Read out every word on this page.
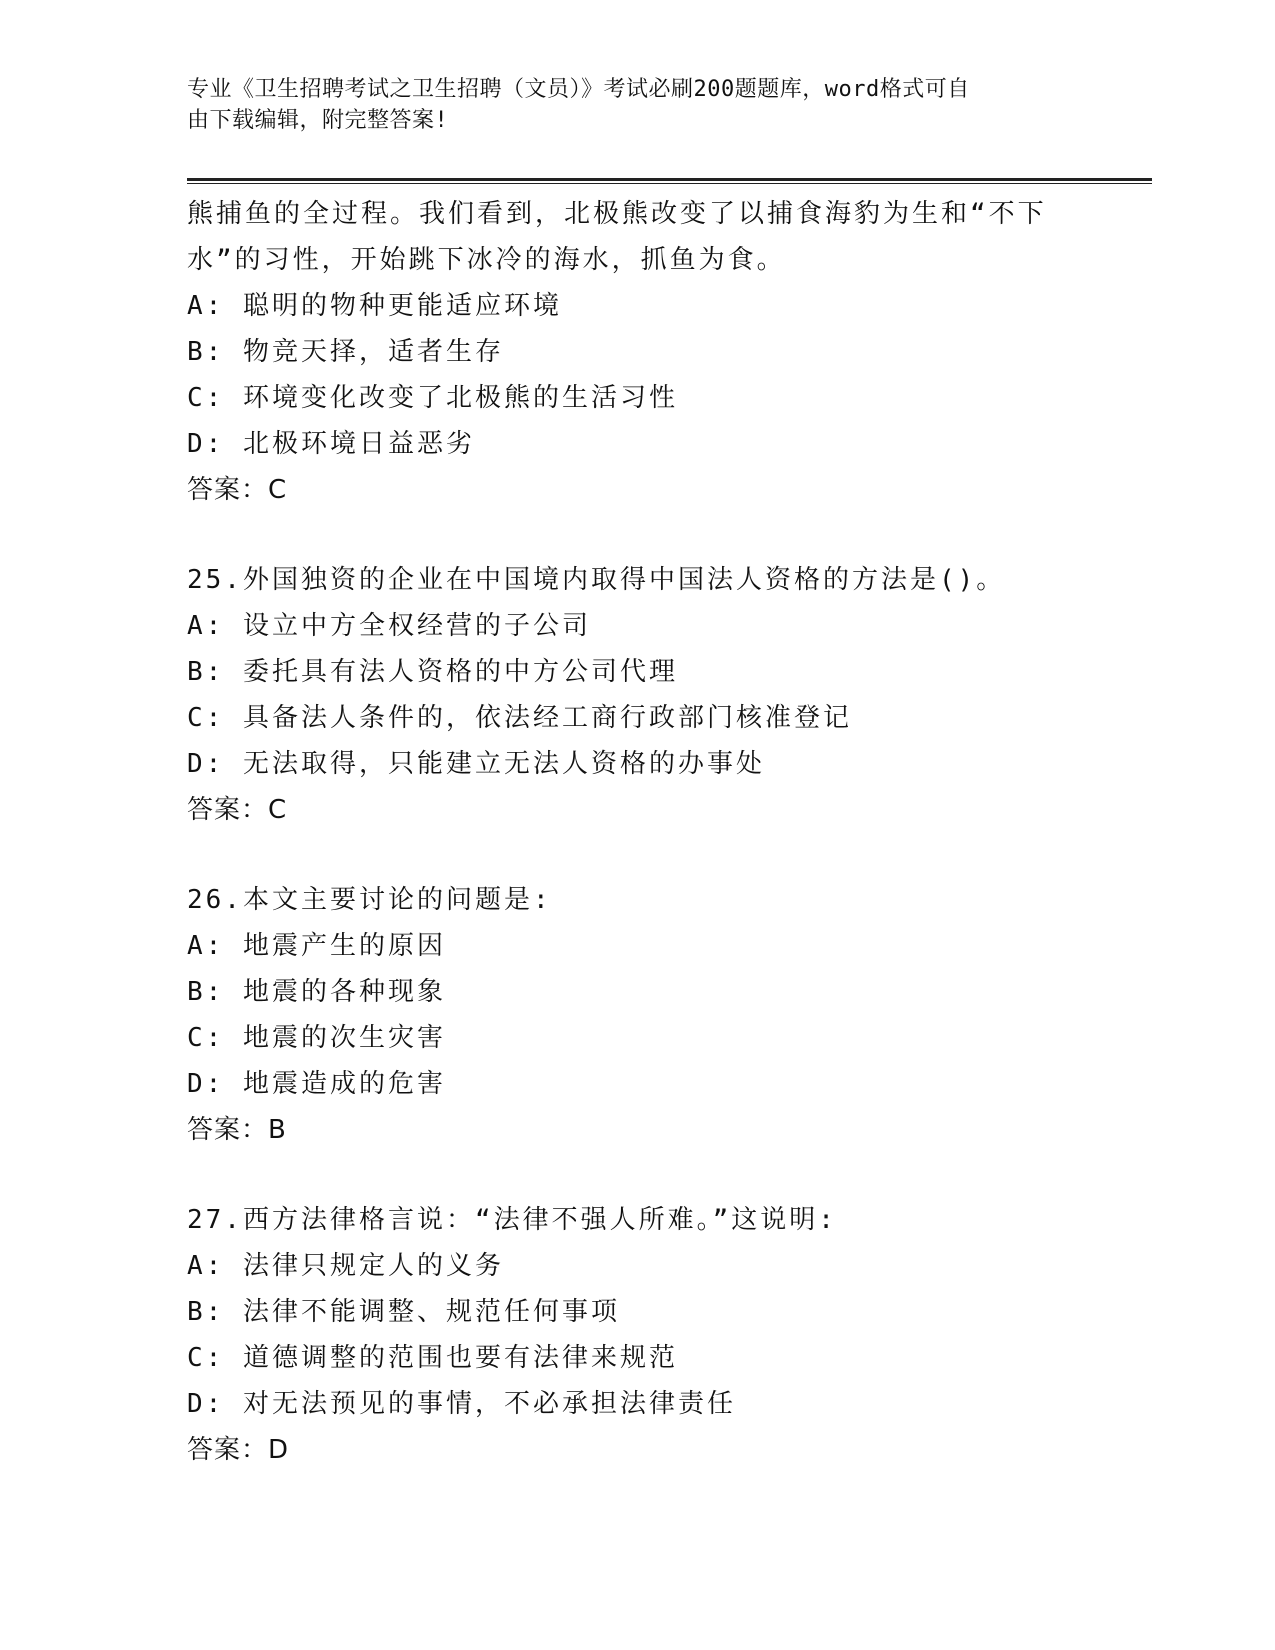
专业《卫生招聘考试之卫生招聘（文员）》考试必刷200题题库，word格式可自
由下载编辑，附完整答案!
熊捕鱼的全过程。我们看到，北极熊改变了以捕食海豹为生和“不下
水”的习性，开始跳下冰冷的海水，抓鱼为食。
A: 聪明的物种更能适应环境
B: 物竞天择，适者生存
C: 环境变化改变了北极熊的生活习性
D: 北极环境日益恶劣
答案：C
25.外国独资的企业在中国境内取得中国法人资格的方法是()。
A: 设立中方全权经营的子公司
B: 委托具有法人资格的中方公司代理
C: 具备法人条件的，依法经工商行政部门核准登记
D: 无法取得，只能建立无法人资格的办事处
答案：C
26.本文主要讨论的问题是:
A: 地震产生的原因
B: 地震的各种现象
C: 地震的次生灾害
D: 地震造成的危害
答案：B
27.西方法律格言说：“法律不强人所难。”这说明:
A: 法律只规定人的义务
B: 法律不能调整、规范任何事项
C: 道德调整的范围也要有法律来规范
D: 对无法预见的事情，不必承担法律责任
答案：D
